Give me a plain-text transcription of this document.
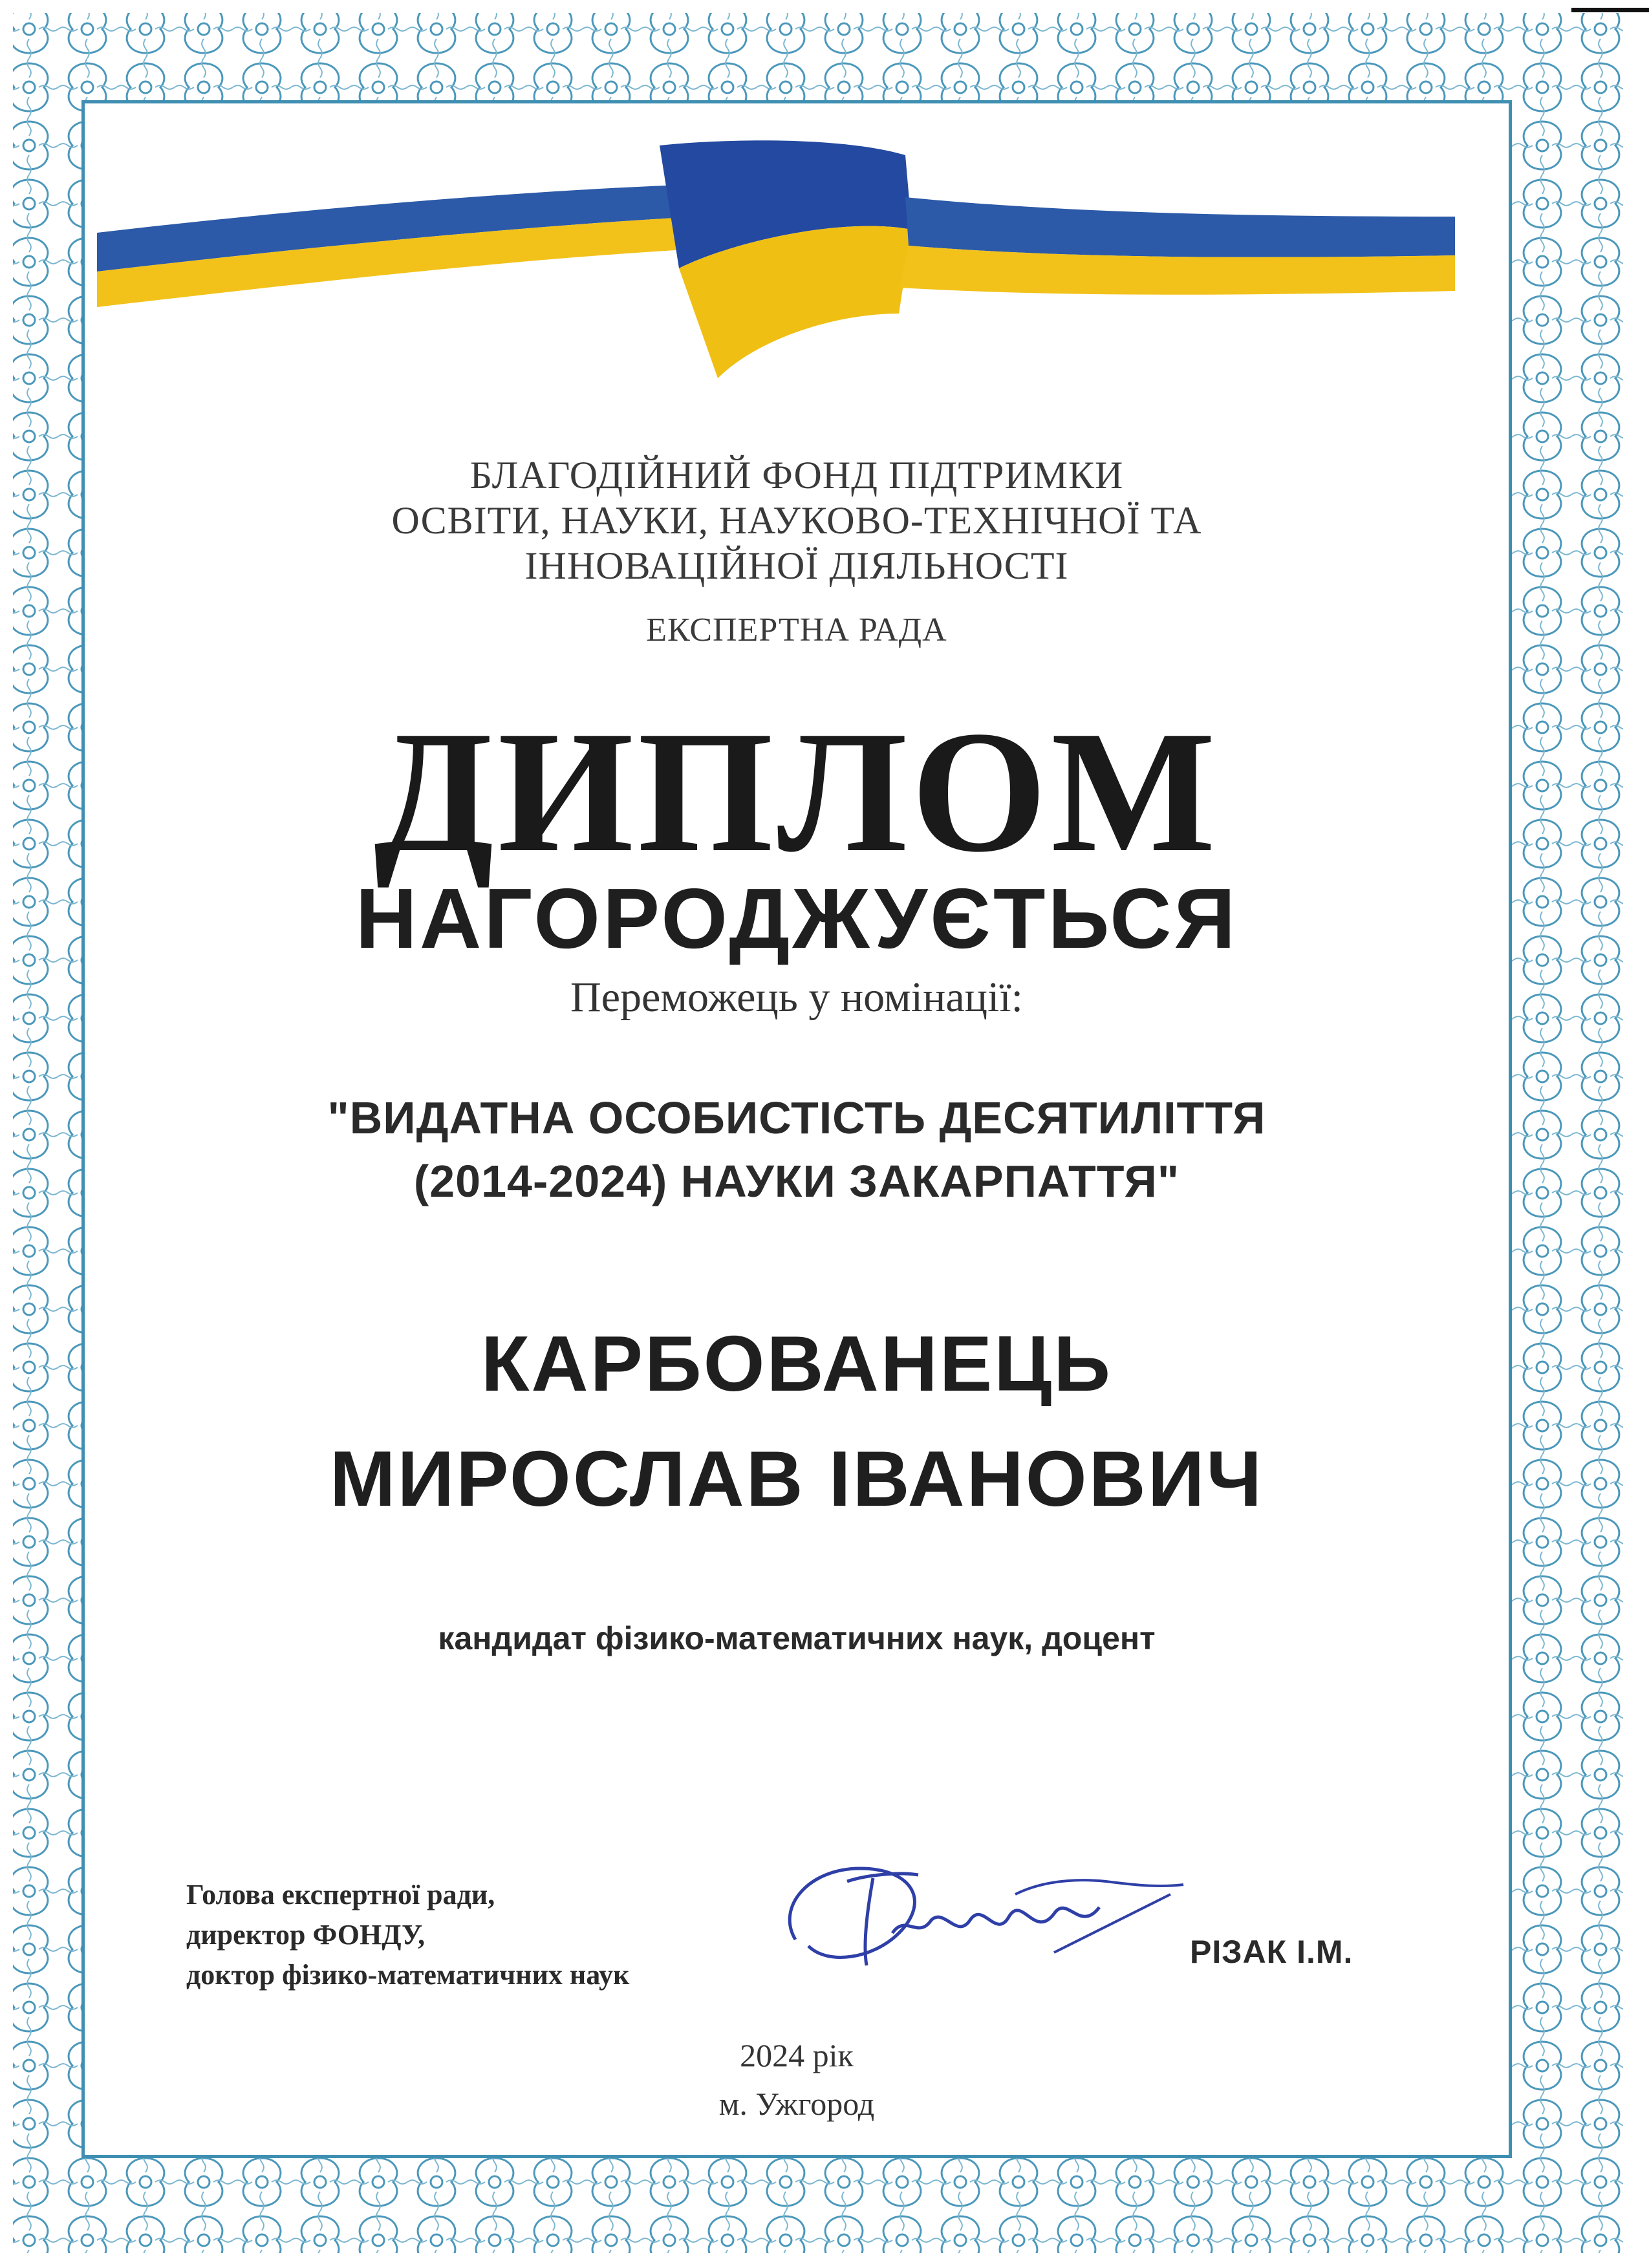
БЛАГОДІЙНИЙ ФОНД ПІДТРИМКИ
ОСВІТИ, НАУКИ, НАУКОВО-ТЕХНІЧНОЇ ТА
ІННОВАЦІЙНОЇ ДІЯЛЬНОСТІ
ЕКСПЕРТНА РАДА
ДИПЛОМ
НАГОРОДЖУЄТЬСЯ
Переможець у номінації:
"ВИДАТНА ОСОБИСТІСТЬ ДЕСЯТИЛІТТЯ
(2014-2024) НАУКИ ЗАКАРПАТТЯ"
КАРБОВАНЕЦЬ
МИРОСЛАВ ІВАНОВИЧ
кандидат фізико-математичних наук, доцент
Голова експертної ради,
директор ФОНДУ,
доктор фізико-математичних наук
РІЗАК І.М.
2024 рік
м. Ужгород
